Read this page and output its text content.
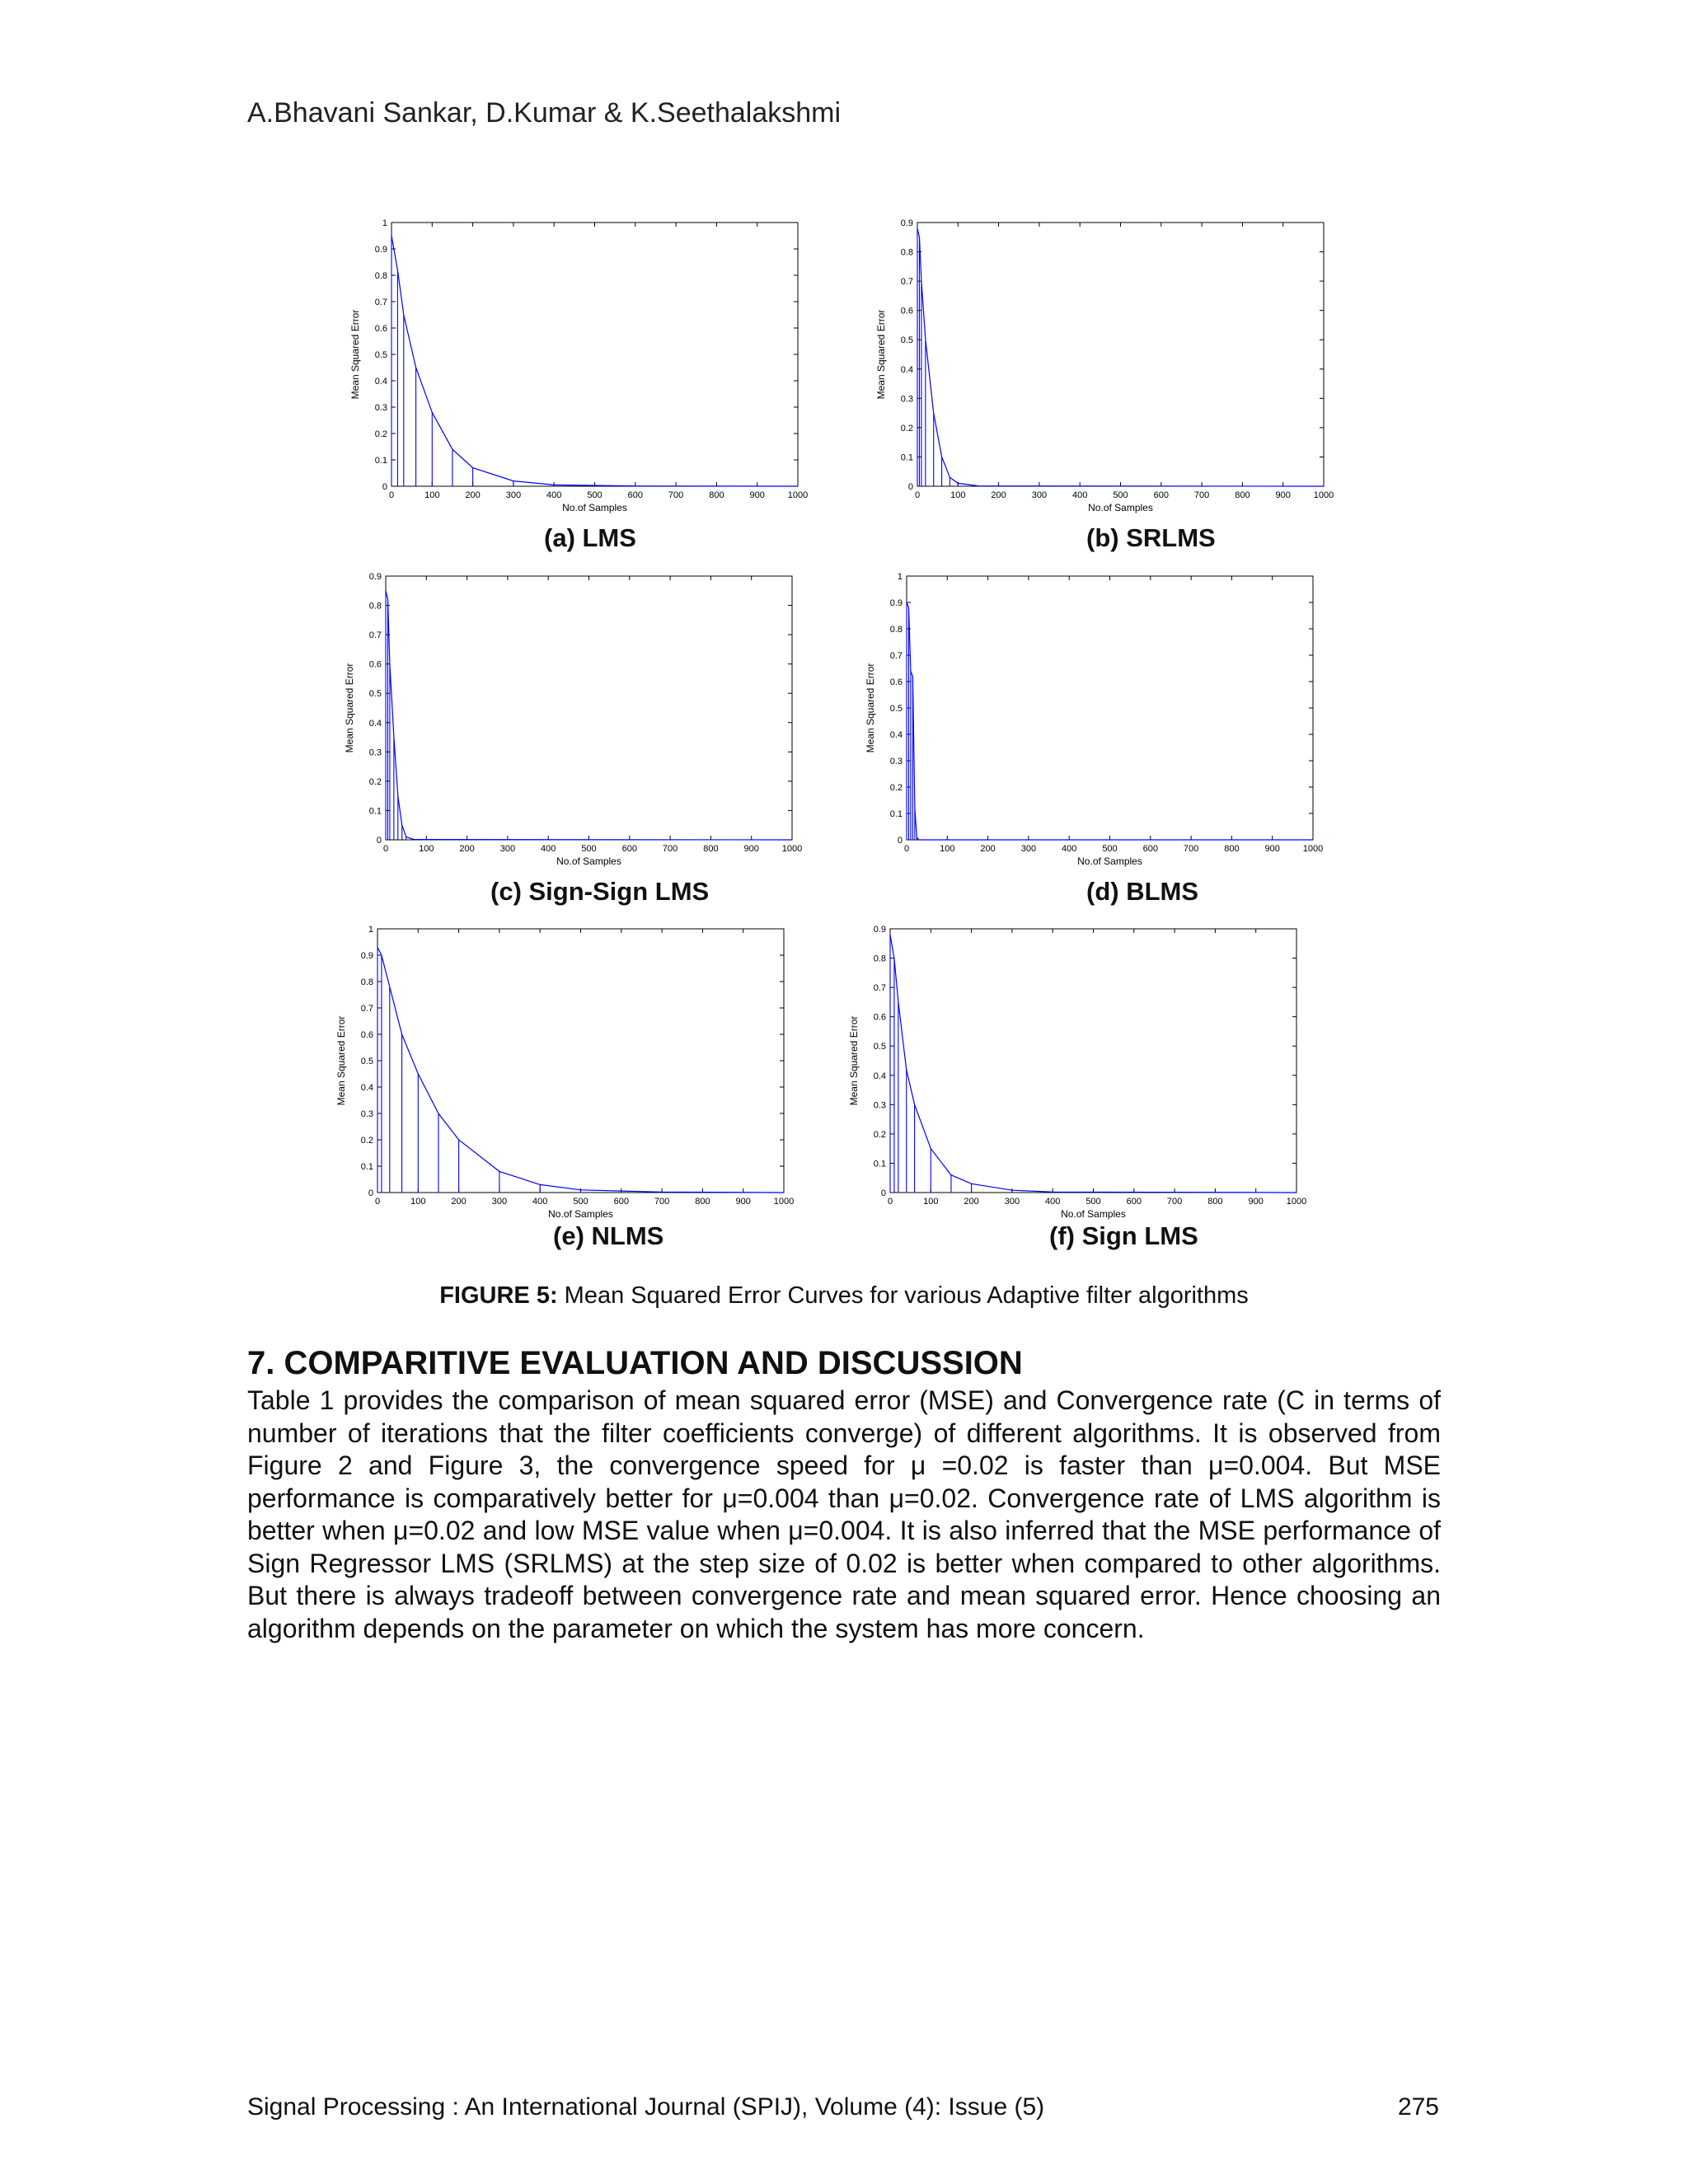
A.Bhavani Sankar, D.Kumar & K.Seethalakshmi
0	100	200	300	400	500	600	700	800	900	1000
0
0.1
0.2
0.3
0.4
0.5
0.6
0.7
0.8
0.9
1
No.of Samples
Mean Squared Error
(a) LMS
0	100	200	300	400	500	600	700	800	900	1000
0
0.1
0.2
0.3
0.4
0.5
0.6
0.7
0.8
0.9
No.of Samples
Mean Squared Error
(b) SRLMS
0	100	200	300	400	500	600	700	800	900	1000
0
0.1
0.2
0.3
0.4
0.5
0.6
0.7
0.8
0.9
No.of Samples
Mean Squared Error
(c) Sign-Sign LMS
0	100	200	300	400	500	600	700	800	900	1000
0
0.1
0.2
0.3
0.4
0.5
0.6
0.7
0.8
0.9
1
No.of Samples
Mean Squared Error
(d) BLMS
0	100	200	300	400	500	600	700	800	900	1000
0
0.1
0.2
0.3
0.4
0.5
0.6
0.7
0.8
0.9
1
No.of Samples
Mean Squared Error
(e) NLMS
0	100	200	300	400	500	600	700	800	900	1000
0
0.1
0.2
0.3
0.4
0.5
0.6
0.7
0.8
0.9
No.of Samples
Mean Squared Error
(f) Sign LMS
FIGURE 5: Mean Squared Error Curves for various Adaptive filter algorithms
7. COMPARITIVE EVALUATION AND DISCUSSION
Table 1 provides the comparison of mean squared error (MSE) and Convergence rate (C in terms of number of iterations that the filter coefficients converge) of different algorithms. It is observed from Figure 2 and Figure 3, the convergence speed for μ =0.02 is faster than μ=0.004. But MSE performance is comparatively better for μ=0.004 than μ=0.02. Convergence rate of LMS algorithm is better when μ=0.02 and low MSE value when μ=0.004. It is also inferred that the MSE performance of Sign Regressor LMS (SRLMS) at the step size of 0.02 is better when compared to other algorithms. But there is always tradeoff between convergence rate and mean squared error. Hence choosing an algorithm depends on the parameter on which the system has more concern.
Signal Processing : An International Journal (SPIJ), Volume (4): Issue (5)	275
